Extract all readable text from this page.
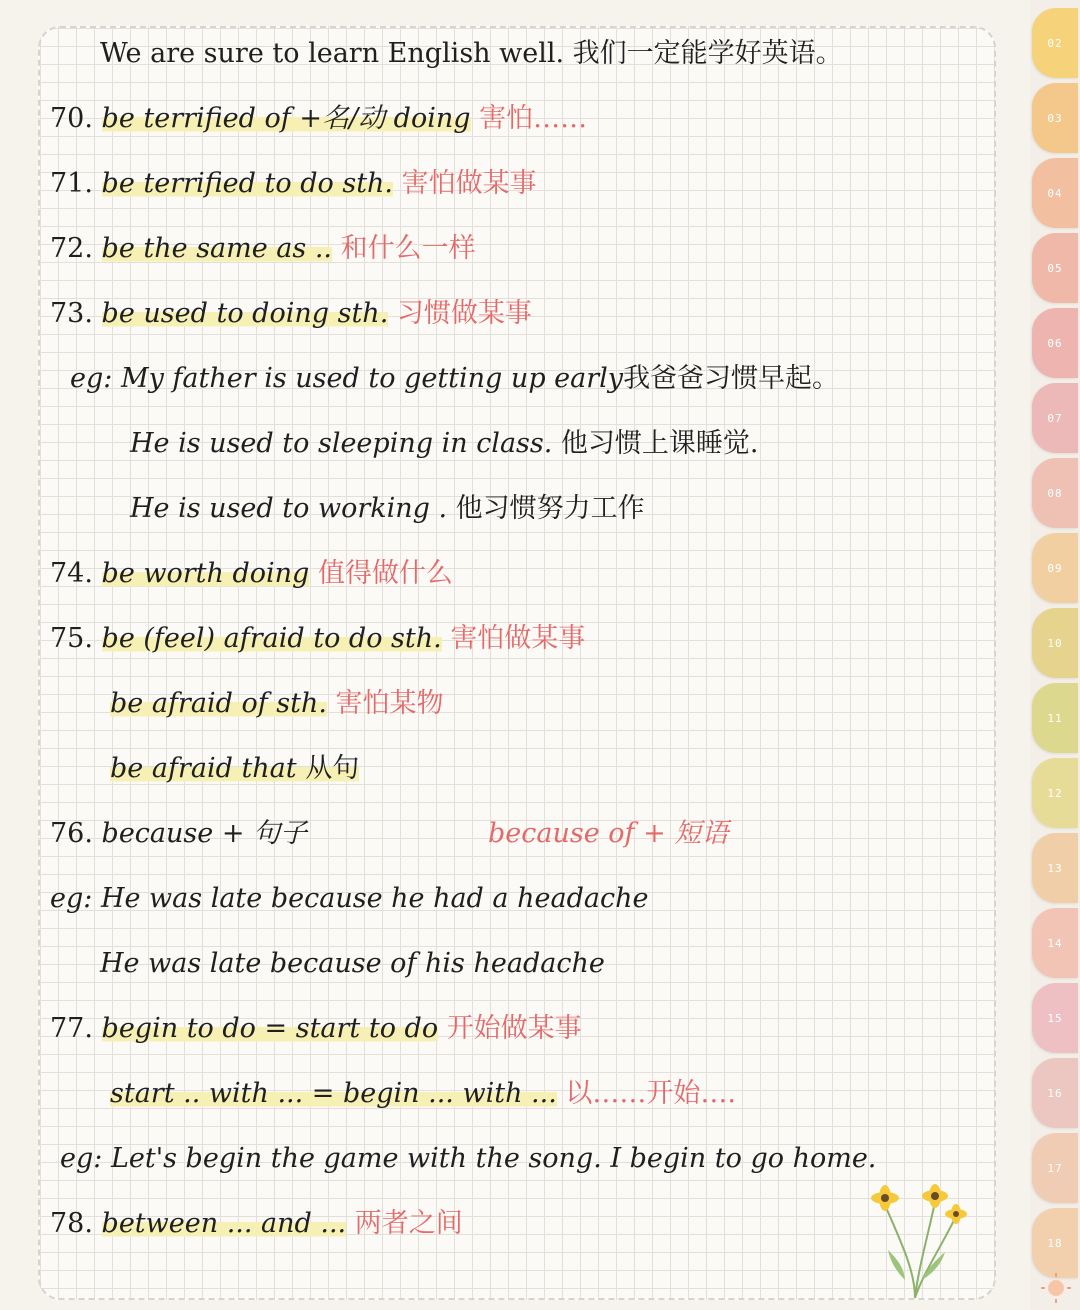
We are sure to learn English well. 我们一定能学好英语。
70. be terrified of +名/动 doing 害怕……
71. be terrified to do sth. 害怕做某事
72. be the same as .. 和什么一样
73. be used to doing sth. 习惯做某事
eg: My father is used to getting up early我爸爸习惯早起。
He is used to sleeping in class. 他习惯上课睡觉.
He is used to working . 他习惯努力工作
74. be worth doing 值得做什么
75. be (feel) afraid to do sth. 害怕做某事
be afraid of sth. 害怕某物
be afraid that 从句
76. because + 句子	because of + 短语
eg: He was late because he had a headache
He was late because of his headache
77. begin to do = start to do 开始做某事
start .. with ... = begin ... with ... 以……开始….
eg: Let's begin the game with the song. I begin to go home.
78. between ... and ... 两者之间
02
03
04
05
06
07
08
09
10
11
12
13
14
15
16
17
18
